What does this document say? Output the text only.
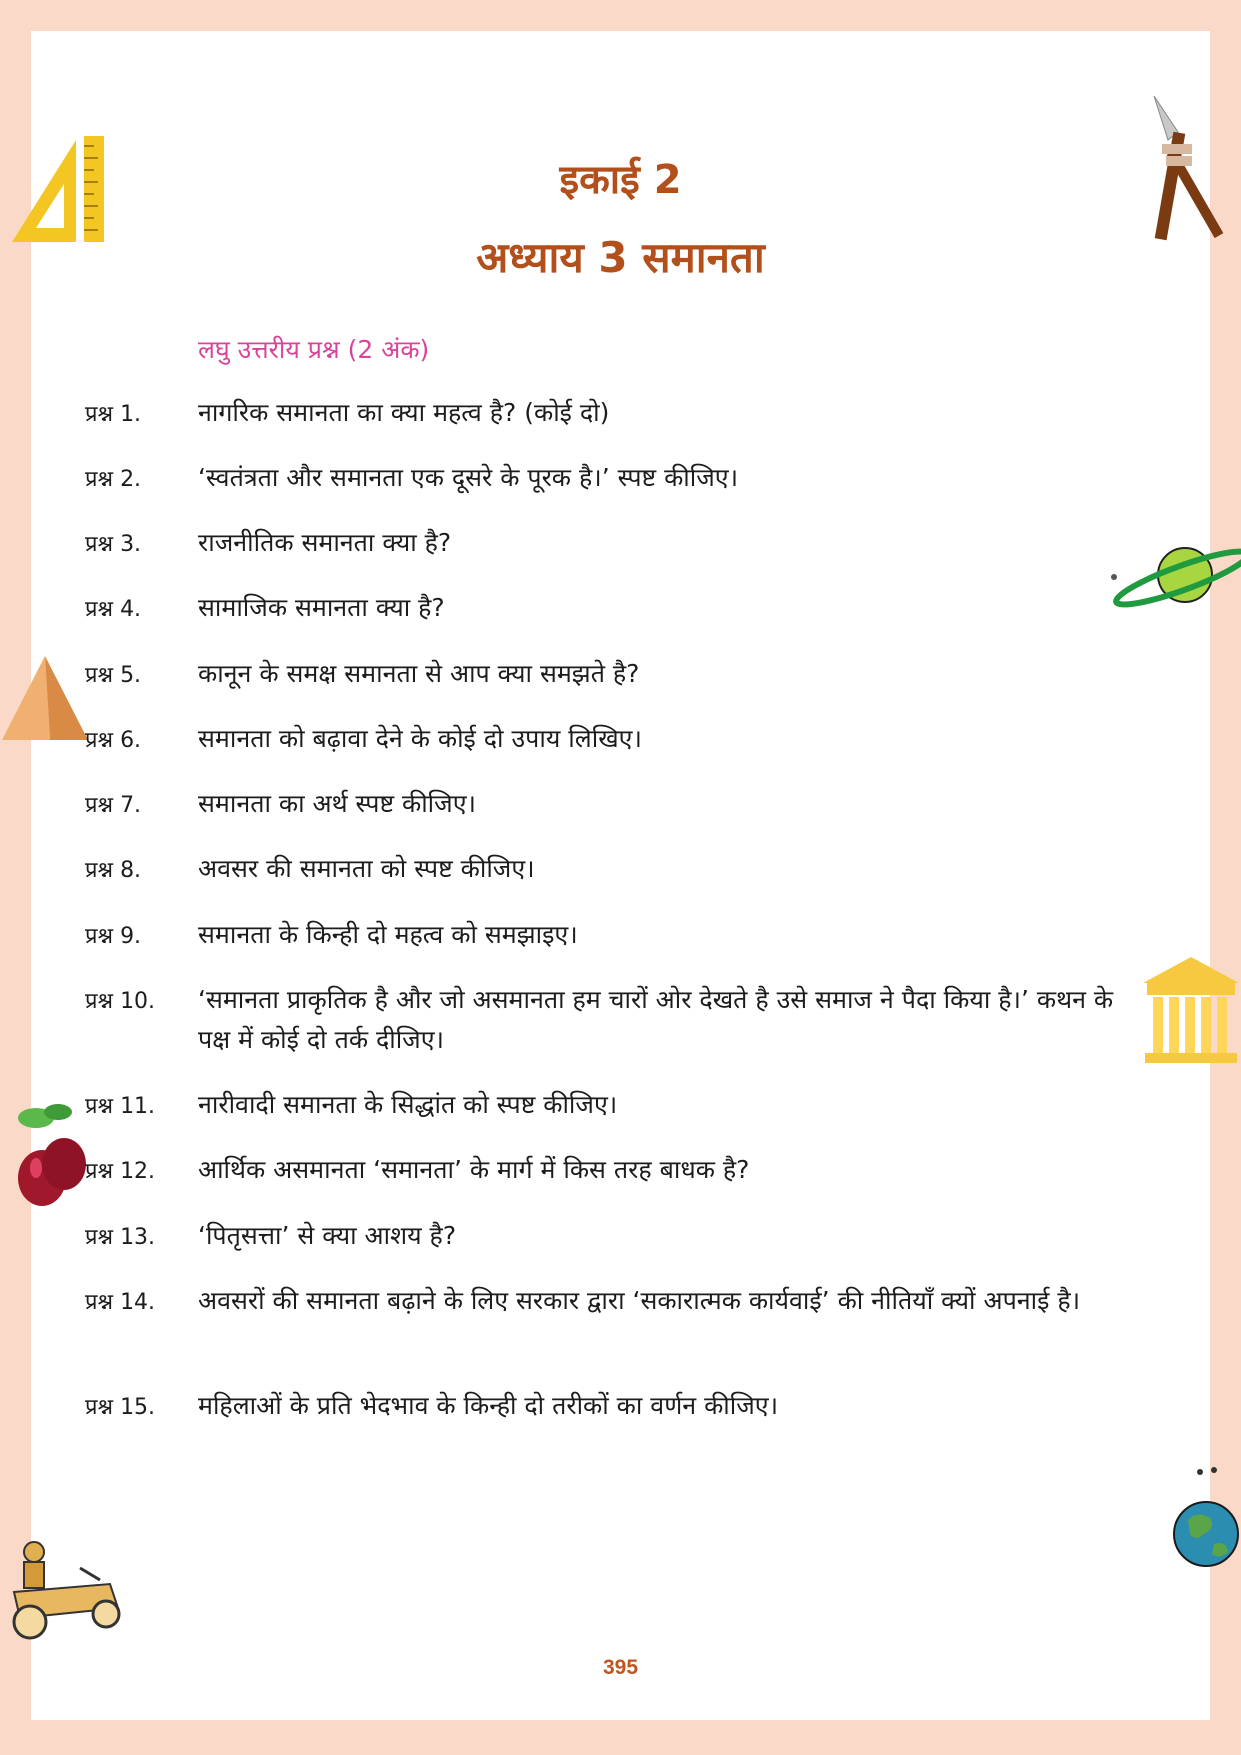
इकाई 2
अध्याय 3 समानता
लघु उत्तरीय प्रश्न (2 अंक)
प्रश्न 1.	नागरिक समानता का क्या महत्व है? (कोई दो)
प्रश्न 2.	‘स्वतंत्रता और समानता एक दूसरे के पूरक है।’ स्पष्ट कीजिए।
प्रश्न 3.	राजनीतिक समानता क्या है?
प्रश्न 4.	सामाजिक समानता क्या है?
प्रश्न 5.	कानून के समक्ष समानता से आप क्या समझते है?
प्रश्न 6.	समानता को बढ़ावा देने के कोई दो उपाय लिखिए।
प्रश्न 7.	समानता का अर्थ स्पष्ट कीजिए।
प्रश्न 8.	अवसर की समानता को स्पष्ट कीजिए।
प्रश्न 9.	समानता के किन्ही दो महत्व को समझाइए।
प्रश्न 10.	‘समानता प्राकृतिक है और जो असमानता हम चारों ओर देखते है उसे समाज ने पैदा किया है।’ कथन के पक्ष में कोई दो तर्क दीजिए।
प्रश्न 11.	नारीवादी समानता के सिद्धांत को स्पष्ट कीजिए।
प्रश्न 12.	आर्थिक असमानता ‘समानता’ के मार्ग में किस तरह बाधक है?
प्रश्न 13.	‘पितृसत्ता’ से क्या आशय है?
प्रश्न 14.	अवसरों की समानता बढ़ाने के लिए सरकार द्वारा ‘सकारात्मक कार्यवाई’ की नीतियाँ क्यों अपनाई है।
प्रश्न 15.	महिलाओं के प्रति भेदभाव के किन्ही दो तरीकों का वर्णन कीजिए।
395
